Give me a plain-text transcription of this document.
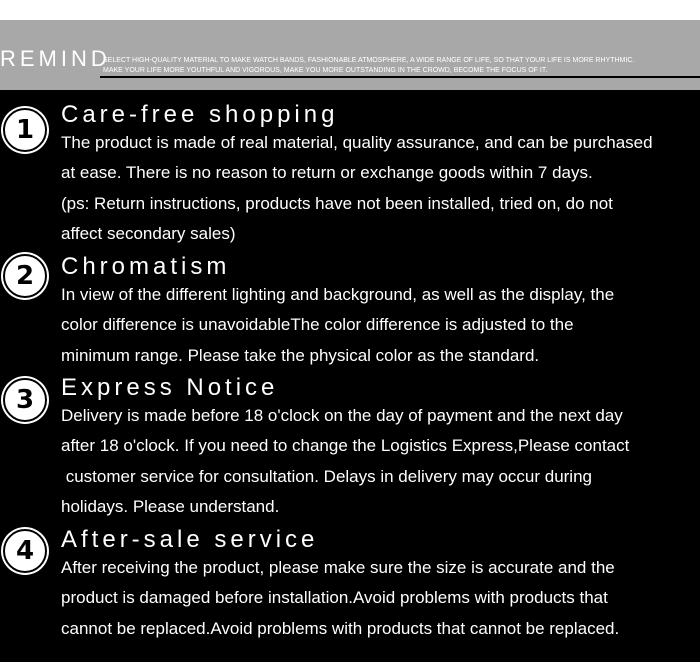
REMIND
SELECT HIGH-QUALITY MATERIAL TO MAKE WATCH BANDS, FASHIONABLE ATMOSPHERE, A WIDE RANGE OF LIFE, SO THAT YOUR LIFE IS MORE RHYTHMIC.
MAKE YOUR LIFE MORE YOUTHFUL AND VIGOROUS, MAKE YOU MORE OUTSTANDING IN THE CROWD, BECOME THE FOCUS OF IT.
1
Care-free shopping

The product is made of real material, quality assurance, and can be purchased

at ease. There is no reason to return or exchange goods within 7 days.

(ps: Return instructions, products have not been installed, tried on, do not

affect secondary sales)

2	Chromatism

In view of the different lighting and background, as well as the display, the

color difference is unavoidableThe color difference is adjusted to the

minimum range. Please take the physical color as the standard.

3	Express Notice

Delivery is made before 18 o'clock on the day of payment and the next day

after 18 o'clock. If you need to change the Logistics Express,Please contact

customer service for consultation. Delays in delivery may occur during

holidays. Please understand.

4	After-sale service

After receiving the product, please make sure the size is accurate and the

product is damaged before installation.Avoid problems with products that

cannot be replaced.Avoid problems with products that cannot be replaced.
